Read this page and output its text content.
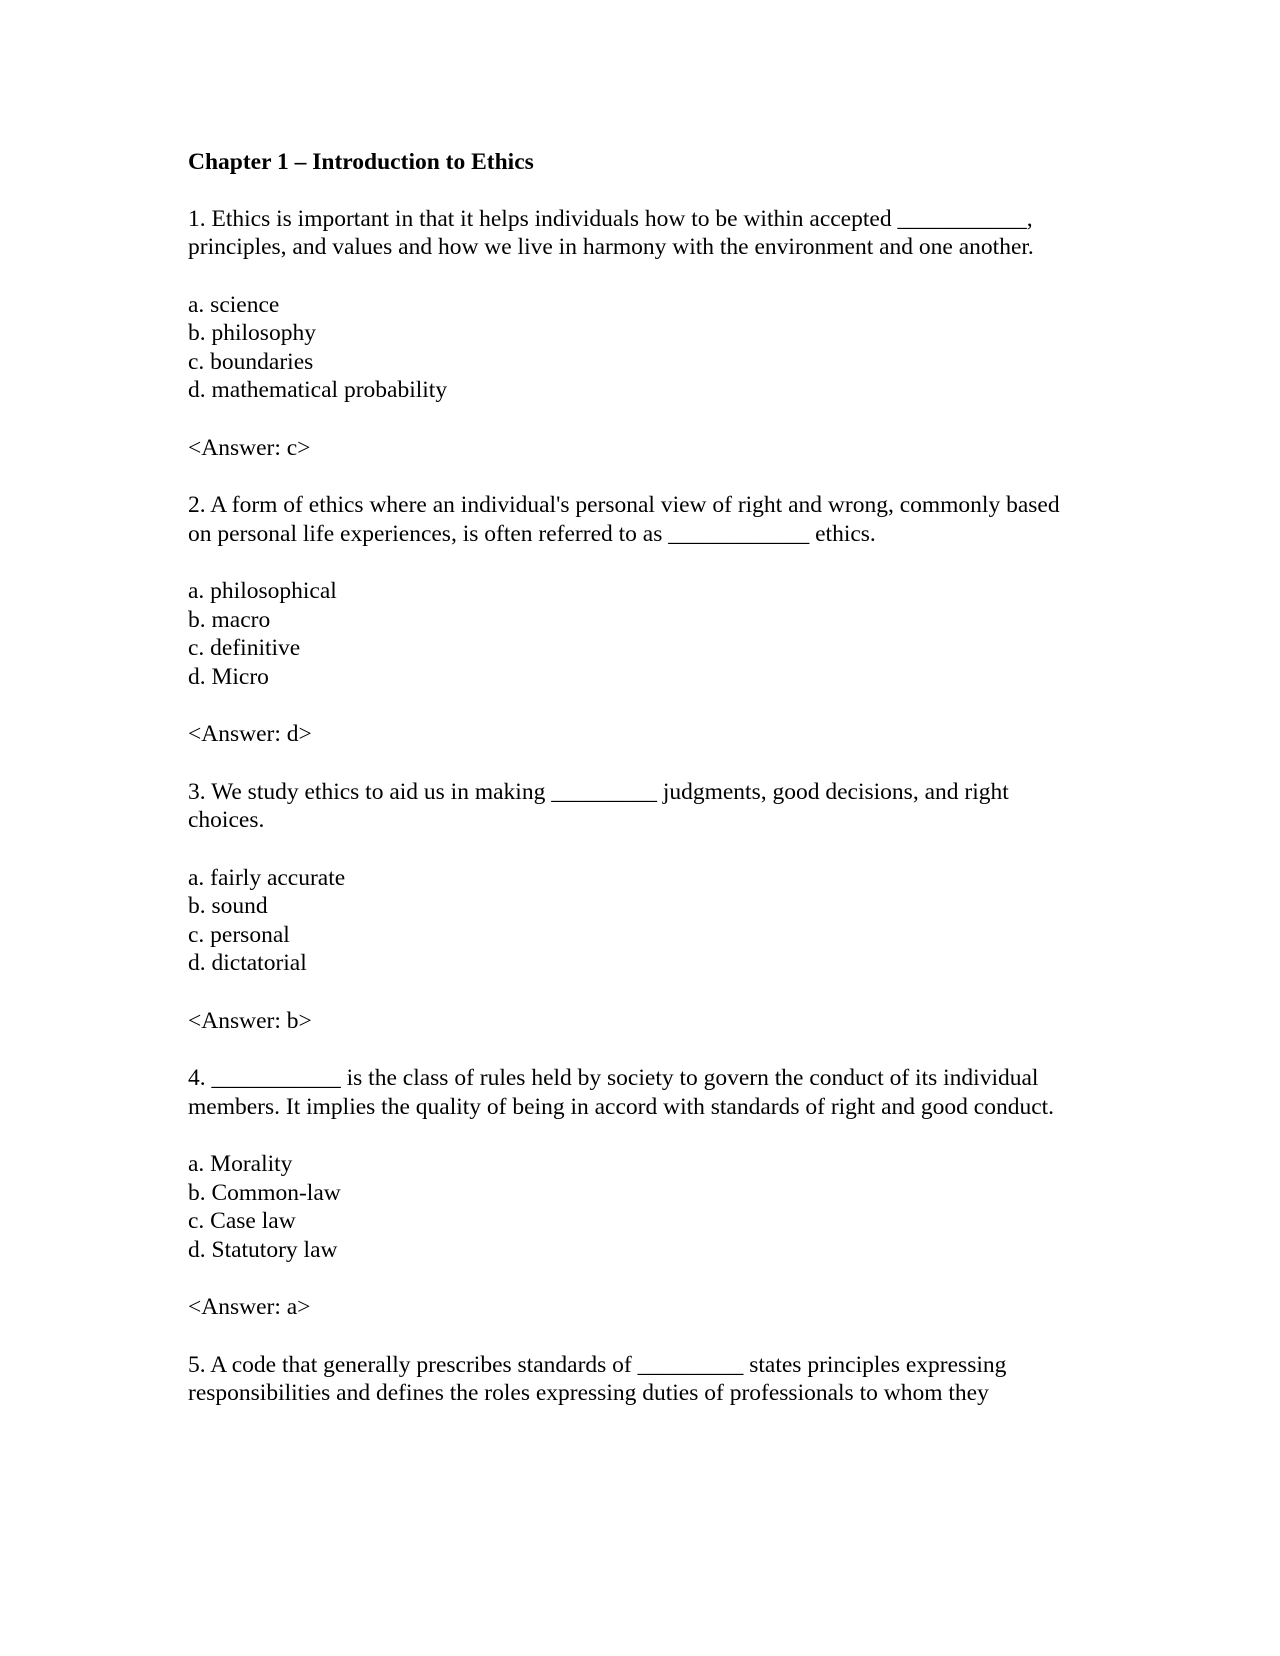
Chapter 1 – Introduction to Ethics

1. Ethics is important in that it helps individuals how to be within accepted ___________, principles, and values and how we live in harmony with the environment and one another.

a. science
b. philosophy
c. boundaries
d. mathematical probability

<Answer: c>

2. A form of ethics where an individual's personal view of right and wrong, commonly based on personal life experiences, is often referred to as ____________ ethics.

a. philosophical
b. macro
c. definitive
d. Micro

<Answer: d>

3. We study ethics to aid us in making _________ judgments, good decisions, and right choices.

a. fairly accurate
b. sound
c. personal
d. dictatorial

<Answer: b>

4. ___________ is the class of rules held by society to govern the conduct of its individual members. It implies the quality of being in accord with standards of right and good conduct.

a. Morality
b. Common-law
c. Case law
d. Statutory law

<Answer: a>

5. A code that generally prescribes standards of _________ states principles expressing responsibilities and defines the roles expressing duties of professionals to whom they
